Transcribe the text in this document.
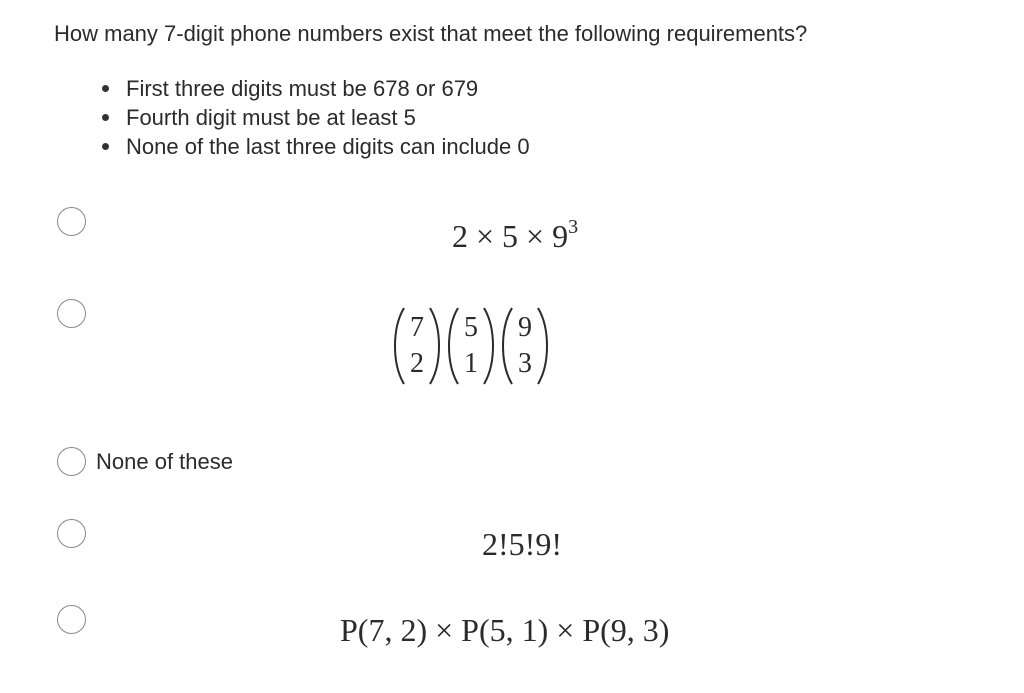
How many 7-digit phone numbers exist that meet the following requirements?
First three digits must be 678 or 679
Fourth digit must be at least 5
None of the last three digits can include 0
$2 \times 5 \times 9^3$
7
2
5
1
9
3
None of these
2!5!9!
P(7, 2) × P(5, 1) × P(9, 3)
